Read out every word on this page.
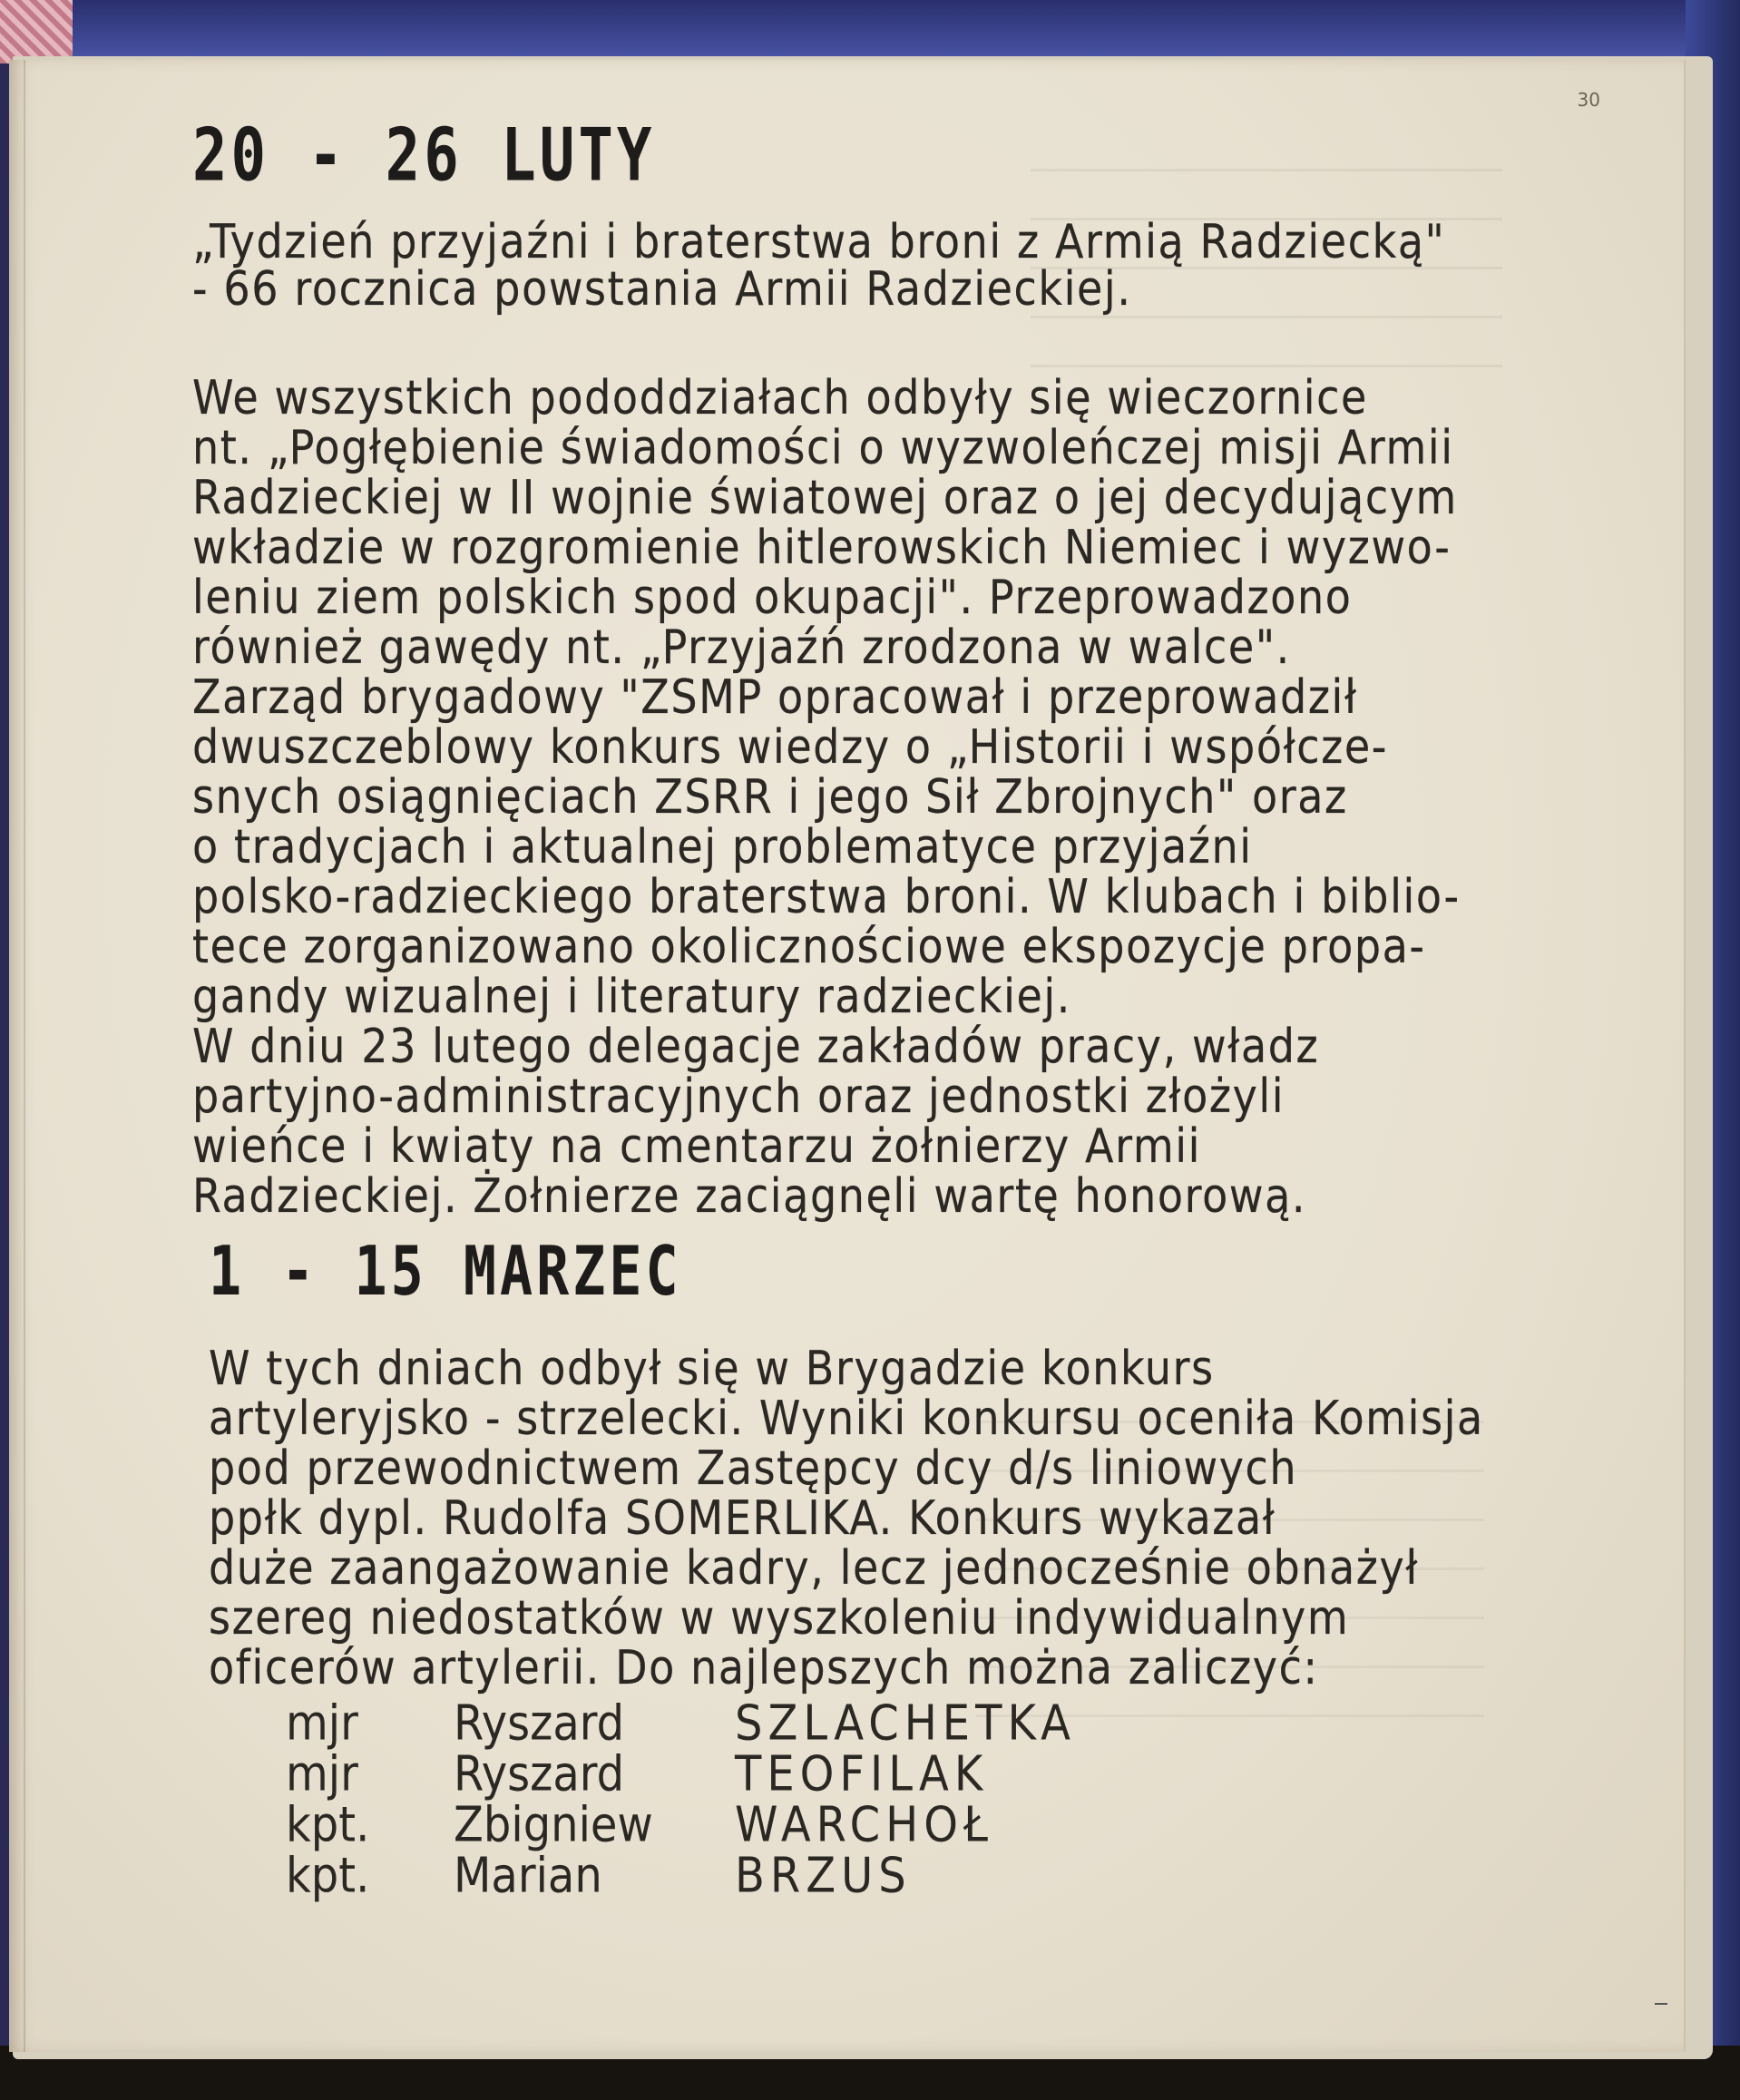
30
20 - 26 LUTY
„Tydzień przyjaźni i braterstwa broni z Armią Radziecką"
- 66 rocznica powstania Armii Radzieckiej.
We wszystkich pododdziałach odbyły się wieczornice
nt. „Pogłębienie świadomości o wyzwoleńczej misji Armii
Radzieckiej w II wojnie światowej oraz o jej decydującym
wkładzie w rozgromienie hitlerowskich Niemiec i wyzwo-
leniu ziem polskich spod okupacji". Przeprowadzono
również gawędy nt. „Przyjaźń zrodzona w walce".
Zarząd brygadowy "ZSMP opracował i przeprowadził
dwuszczeblowy konkurs wiedzy o „Historii i współcze-
snych osiągnięciach ZSRR i jego Sił Zbrojnych" oraz
o tradycjach i aktualnej problematyce przyjaźni
polsko-radzieckiego braterstwa broni. W klubach i biblio-
tece zorganizowano okolicznościowe ekspozycje propa-
gandy wizualnej i literatury radzieckiej.
W dniu 23 lutego delegacje zakładów pracy, władz
partyjno-administracyjnych oraz jednostki złożyli
wieńce i kwiaty na cmentarzu żołnierzy Armii
Radzieckiej. Żołnierze zaciągnęli wartę honorową.
1 - 15 MARZEC
W tych dniach odbył się w Brygadzie konkurs
artyleryjsko - strzelecki. Wyniki konkursu oceniła Komisja
pod przewodnictwem Zastępcy dcy d/s liniowych
ppłk dypl. Rudolfa SOMERLIKA. Konkurs wykazał
duże zaangażowanie kadry, lecz jednocześnie obnażył
szereg niedostatków w wyszkoleniu indywidualnym
oficerów artylerii. Do najlepszych można zaliczyć:
mjr Ryszard	SZLACHETKA
mjr Ryszard	TEOFILAK
kpt. Zbigniew WARCHOŁ
kpt. Marian	BRZUS
